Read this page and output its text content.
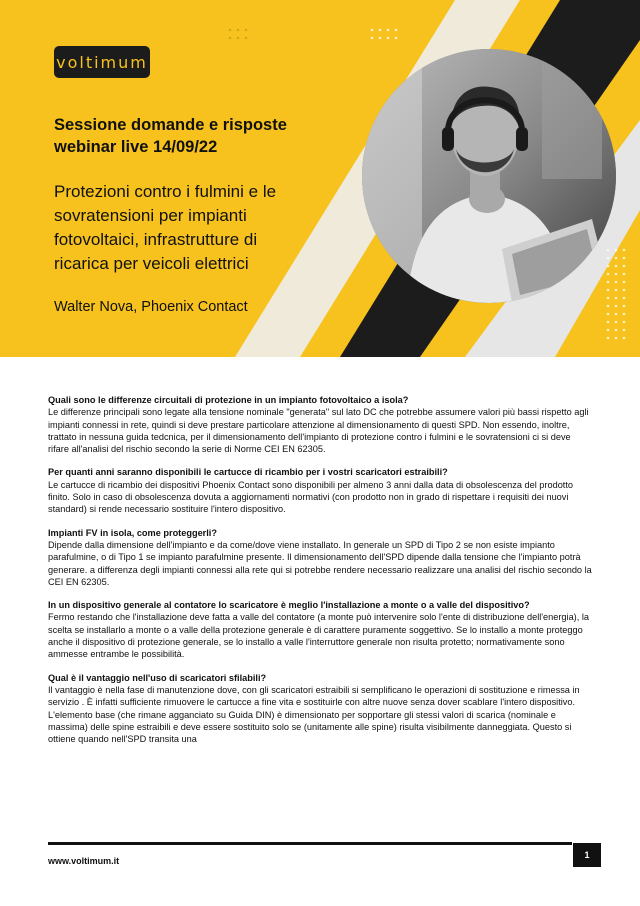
voltimum
Sessione domande e risposte
webinar live 14/09/22
Protezioni contro i fulmini e le
sovratensioni per impianti
fotovoltaici, infrastrutture di
ricarica per veicoli elettrici
Walter Nova, Phoenix Contact
Quali sono le differenze circuitali di protezione in un impianto fotovoltaico a isola?
Le differenze principali sono legate alla tensione nominale "generata" sul lato DC che potrebbe assumere valori più bassi rispetto agli impianti connessi in rete, quindi si deve prestare particolare attenzione al dimensionamento di questi SPD. Non essendo, inoltre, trattato in nessuna guida tedcnica, per il dimensionamento dell'impianto di protezione contro i fulmini e le sovratensioni ci si deve rifare all'analisi del rischio secondo la serie di Norme CEI EN 62305.
Per quanti anni saranno disponibili le cartucce di ricambio per i vostri scaricatori estraibili?
Le cartucce di ricambio dei dispositivi Phoenix Contact sono disponibili per almeno 3 anni dalla data di obsolescenza del prodotto finito. Solo in caso di obsolescenza dovuta a aggiornamenti normativi (con prodotto non in grado di rispettare i requisiti dei nuovi standard) si rende necessario sostituire l'intero dispositivo.
Impianti FV in isola, come proteggerli?
Dipende dalla dimensione dell'impianto e da come/dove viene installato. In generale un SPD di Tipo 2 se non esiste impianto parafulmine, o di Tipo 1 se impianto parafulmine presente. Il dimensionamento dell'SPD dipende dalla tensione che l'impianto potrà generare. a differenza degli impianti connessi alla rete qui si potrebbe rendere necessario realizzare una analisi del rischio secondo la CEI EN 62305.
In un dispositivo generale al contatore lo scaricatore è meglio l'installazione a monte o a valle del dispositivo?
Fermo restando che l'installazione deve fatta a valle del contatore (a monte può intervenire solo l'ente di distribuzione dell'energia), la scelta se installarlo a monte o a valle della protezione generale è di carattere puramente soggettivo. Se lo installo a monte proteggo anche il dispositivo di protezione generale, se lo installo a valle l'interruttore generale non risulta protetto; normativamente sono ammesse entrambe le possibilità.
Qual è il vantaggio nell'uso di scaricatori sfilabili?
Il vantaggio è nella fase di manutenzione dove, con gli scaricatori estraibili si semplificano le operazioni di sostituzione e rimessa in servizio . È infatti sufficiente rimuovere le cartucce a fine vita e sostituirle con altre nuove senza dover scablare l'intero dispositivo. L'elemento base (che rimane agganciato su Guida DIN) è dimensionato per sopportare gli stessi valori di scarica (nominale e massima) delle spine estraibili e deve essere sostituito solo se (unitamente alle spine) risulta visibilmente danneggiata. Questo si ottiene quando nell'SPD transita una
1
www.voltimum.it
